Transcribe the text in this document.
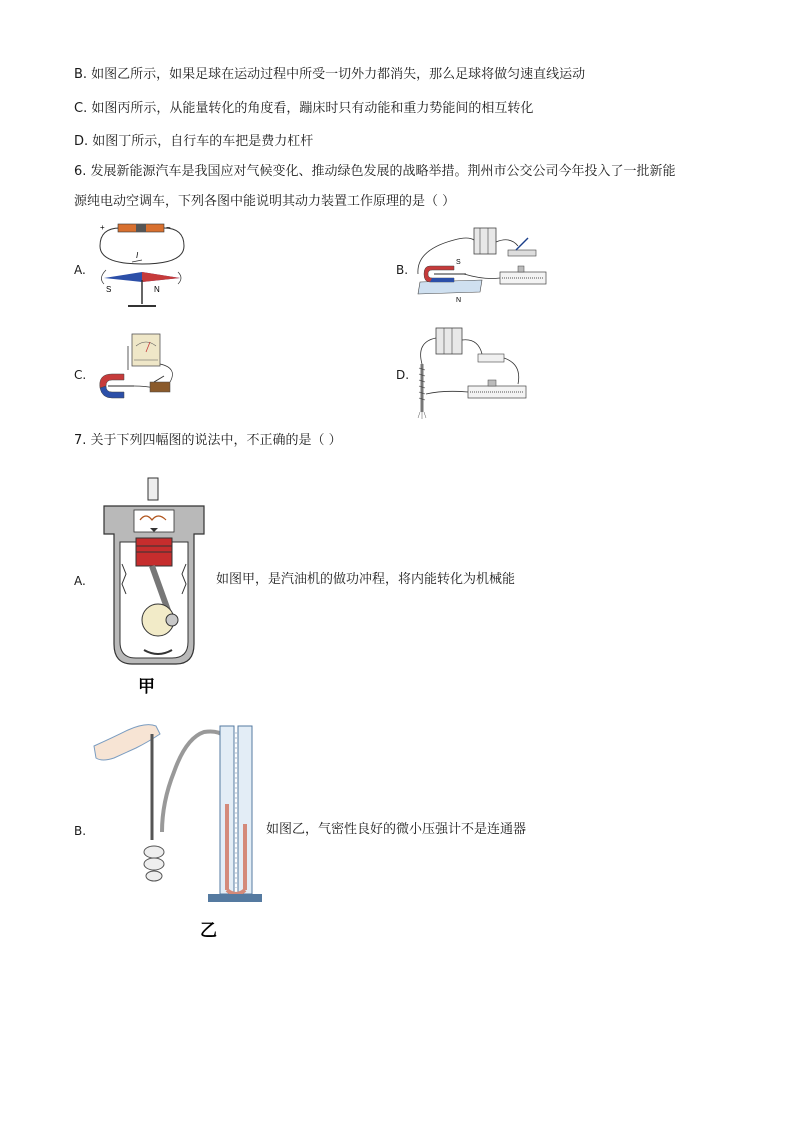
B. 如图乙所示，如果足球在运动过程中所受一切外力都消失，那么足球将做匀速直线运动
C. 如图丙所示，从能量转化的角度看，蹦床时只有动能和重力势能间的相互转化
D. 如图丁所示，自行车的车把是费力杠杆
6. 发展新能源汽车是我国应对气候变化、推动绿色发展的战略举措。荆州市公交公司今年投入了一批新能
源纯电动空调车，下列各图中能说明其动力装置工作原理的是（ ）
A.	B.
C.	D.
+	−
I
S	N
S
N
7. 关于下列四幅图的说法中，不正确的是（ ）
A.	如图甲，是汽油机的做功冲程，将内能转化为机械能
甲
B.	如图乙，气密性良好的微小压强计不是连通器
乙
